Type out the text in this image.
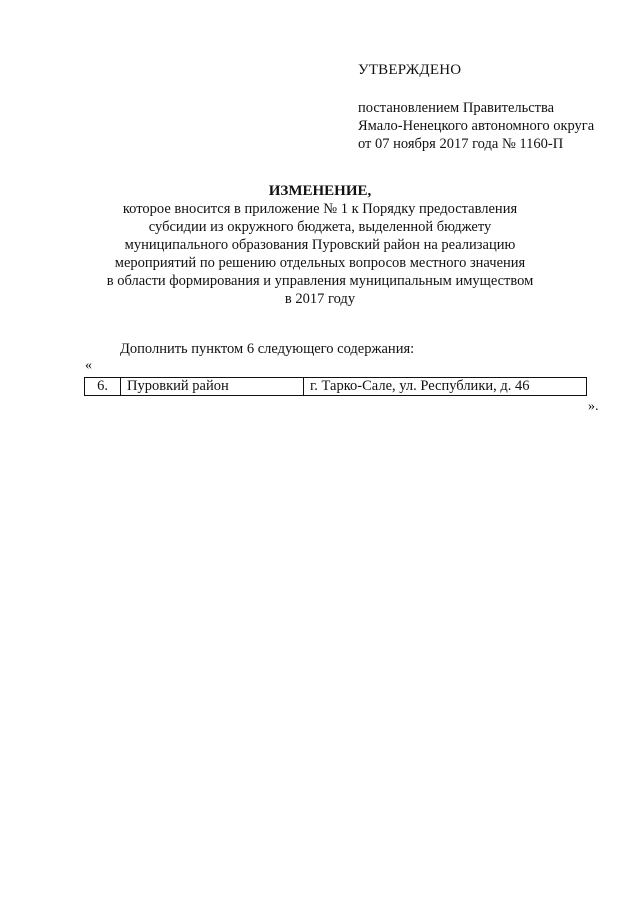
УТВЕРЖДЕНО
постановлением Правительства
Ямало-Ненецкого автономного округа
от 07 ноября 2017 года № 1160-П
ИЗМЕНЕНИЕ,
которое вносится в приложение № 1 к Порядку предоставления
субсидии из окружного бюджета, выделенной бюджету
муниципального образования Пуровский район на реализацию
мероприятий по решению отдельных вопросов местного значения
в области формирования и управления муниципальным имуществом
в 2017 году
Дополнить пунктом 6 следующего содержания:
«
6.	Пуровкий район	г. Тарко-Сале, ул. Республики, д. 46
».
